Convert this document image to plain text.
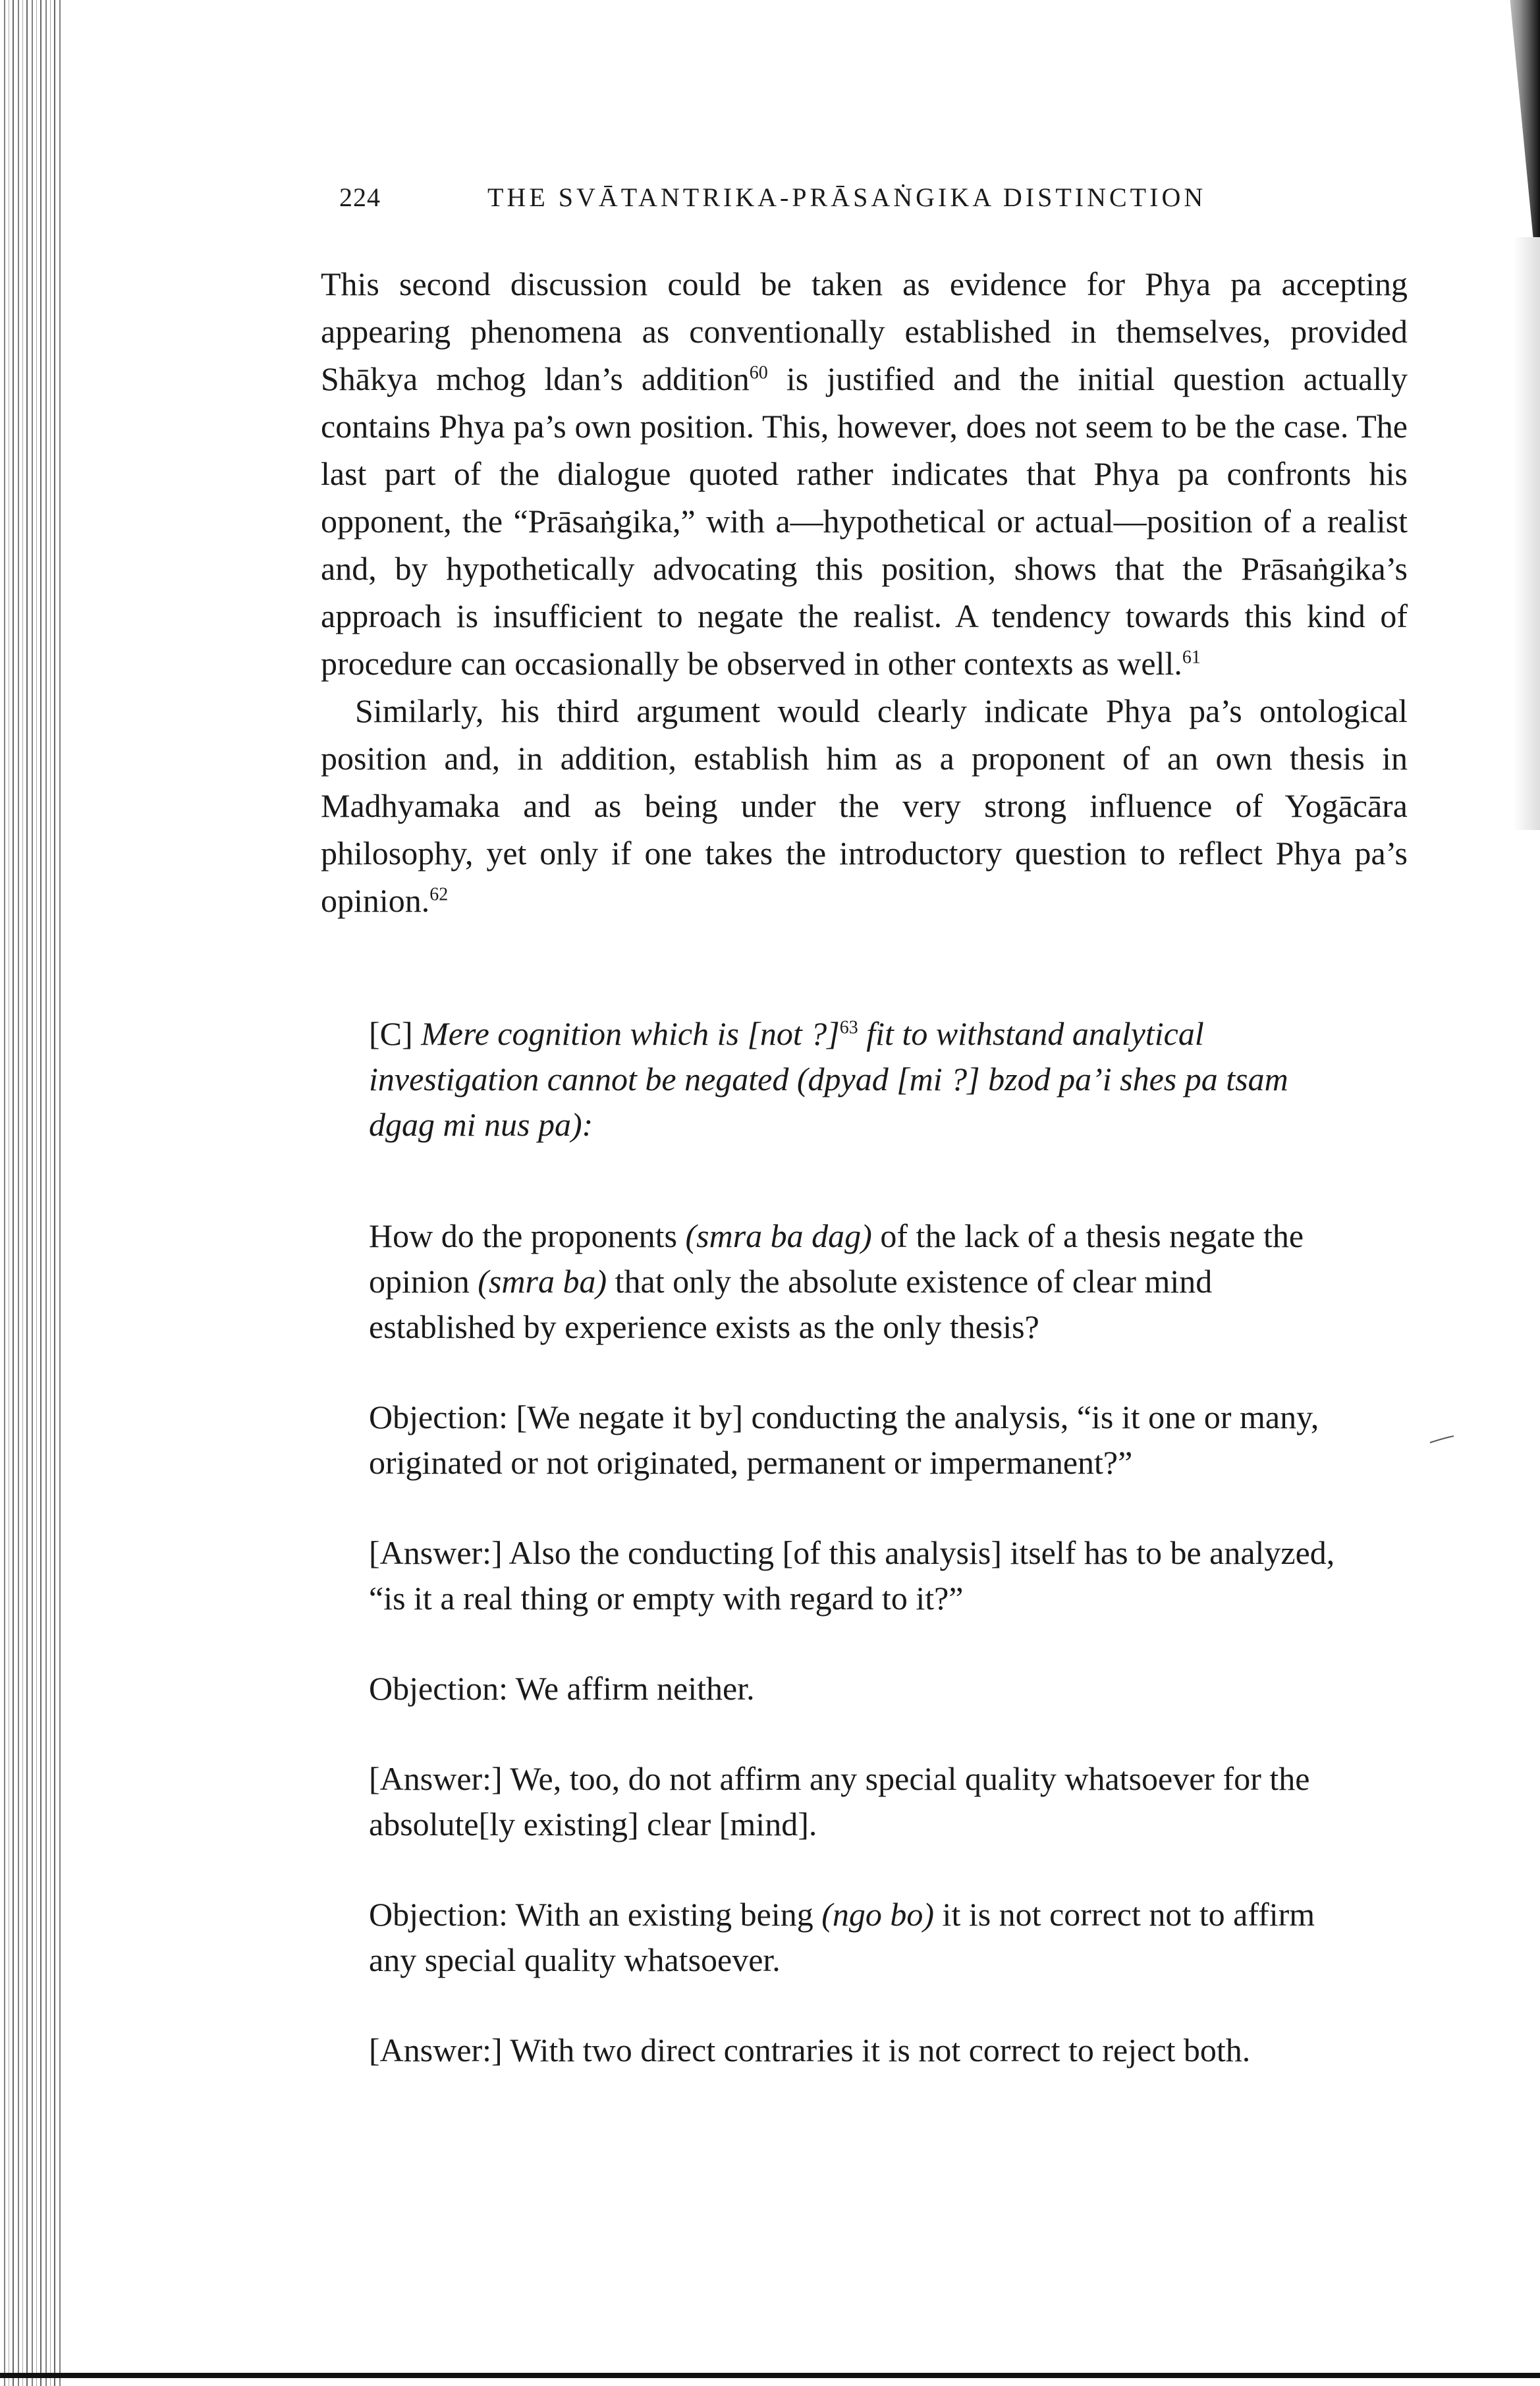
224	THE SVĀTANTRIKA-PRĀSAṄGIKA DISTINCTION

This second discussion could be taken as evidence for Phya pa accepting appearing phenomena as conventionally established in themselves, provided Shākya mchog ldan’s addition$^{60}$ is justified and the initial question actually contains Phya pa’s own position. This, however, does not seem to be the case. The last part of the dialogue quoted rather indicates that Phya pa confronts his opponent, the “Prāsaṅgika,” with a—hypothetical or actual—position of a realist and, by hypothetically advocating this position, shows that the Prāsaṅgika’s approach is insufficient to negate the realist. A tendency towards this kind of procedure can occasionally be observed in other contexts as well.$^{61}$

Similarly, his third argument would clearly indicate Phya pa’s ontological position and, in addition, establish him as a proponent of an own thesis in Madhyamaka and as being under the very strong influence of Yogācāra philosophy, yet only if one takes the introductory question to reflect Phya pa’s opinion.$^{62}$

[C] Mere cognition which is [not ?]$^{63}$ fit to withstand analytical investigation cannot be negated (dpyad [mi ?] bzod pa’i shes pa tsam dgag mi nus pa):

How do the proponents (smra ba dag) of the lack of a thesis negate the opinion (smra ba) that only the absolute existence of clear mind established by experience exists as the only thesis?

Objection: [We negate it by] conducting the analysis, “is it one or many, originated or not originated, permanent or impermanent?”

[Answer:] Also the conducting [of this analysis] itself has to be analyzed, “is it a real thing or empty with regard to it?”

Objection: We affirm neither.

[Answer:] We, too, do not affirm any special quality whatsoever for the absolute[ly existing] clear [mind].

Objection: With an existing being (ngo bo) it is not correct not to affirm any special quality whatsoever.

[Answer:] With two direct contraries it is not correct to reject both.
